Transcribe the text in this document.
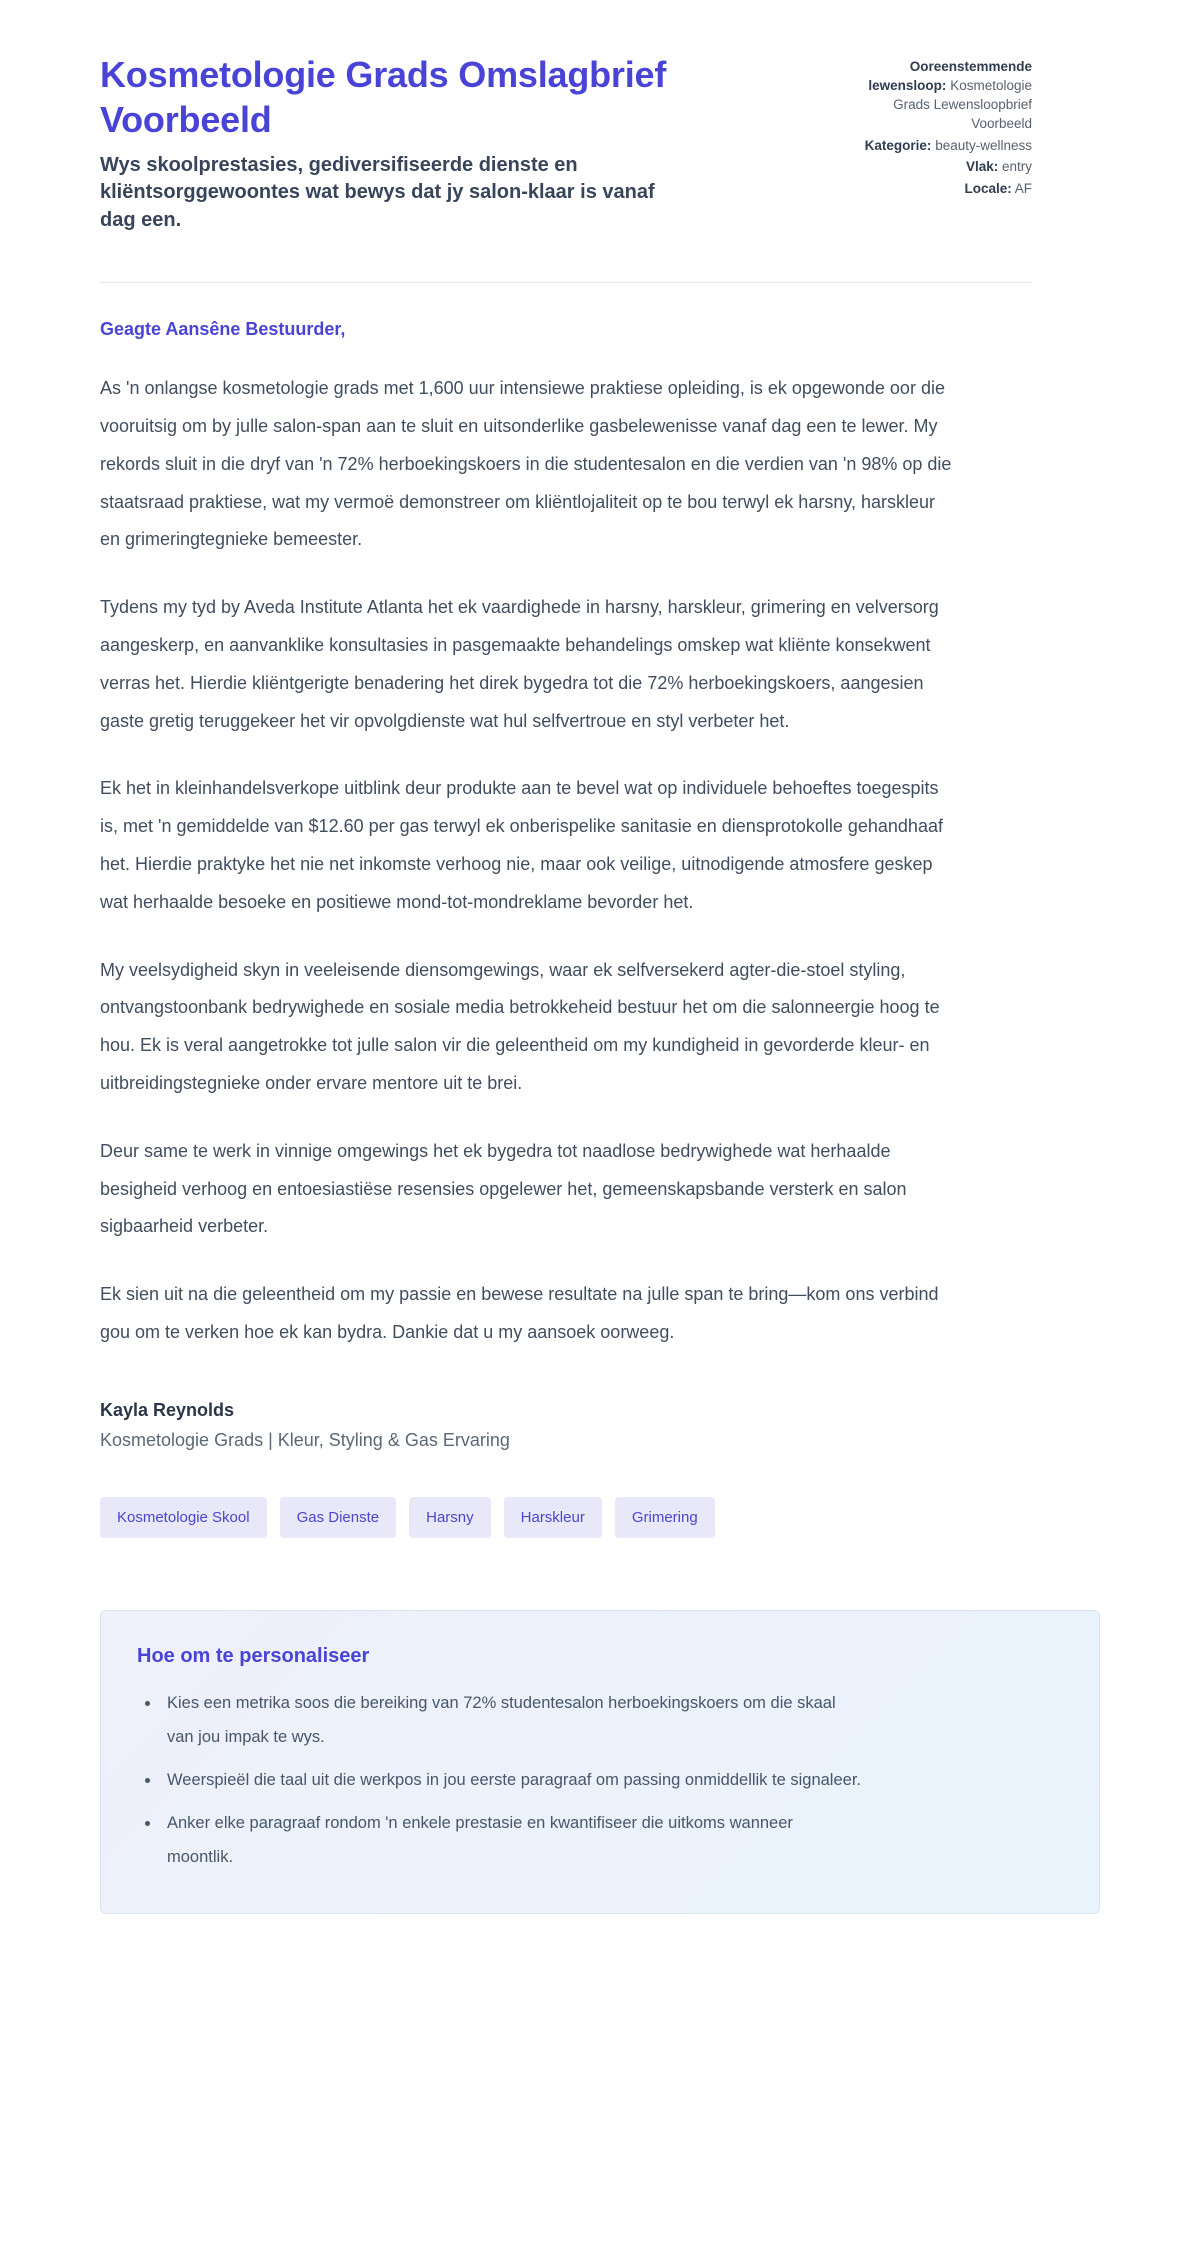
Kosmetologie Grads Omslagbrief Voorbeeld

Wys skoolprestasies, gediversifiseerde dienste en kliëntsorggewoontes wat bewys dat jy salon-klaar is vanaf dag een.

Ooreenstemmende lewensloop: Kosmetologie Grads Lewensloopbrief Voorbeeld
Kategorie: beauty-wellness
Vlak: entry
Locale: AF

Geagte Aansêne Bestuurder,

As 'n onlangse kosmetologie grads met 1,600 uur intensiewe praktiese opleiding, is ek opgewonde oor die vooruitsig om by julle salon-span aan te sluit en uitsonderlike gasbelewenisse vanaf dag een te lewer. My rekords sluit in die dryf van 'n 72% herboekingskoers in die studentesalon en die verdien van 'n 98% op die staatsraad praktiese, wat my vermoë demonstreer om kliëntlojaliteit op te bou terwyl ek harsny, harskleur en grimeringtegnieke bemeester.

Tydens my tyd by Aveda Institute Atlanta het ek vaardighede in harsny, harskleur, grimering en velversorg aangeskerp, en aanvanklike konsultasies in pasgemaakte behandelings omskep wat kliënte konsekwent verras het. Hierdie kliëntgerigte benadering het direk bygedra tot die 72% herboekingskoers, aangesien gaste gretig teruggekeer het vir opvolgdienste wat hul selfvertroue en styl verbeter het.

Ek het in kleinhandelsverkope uitblink deur produkte aan te bevel wat op individuele behoeftes toegespits is, met 'n gemiddelde van $12.60 per gas terwyl ek onberispelike sanitasie en diensprotokolle gehandhaaf het. Hierdie praktyke het nie net inkomste verhoog nie, maar ook veilige, uitnodigende atmosfere geskep wat herhaalde besoeke en positiewe mond-tot-mondreklame bevorder het.

My veelsydigheid skyn in veeleisende diensomgewings, waar ek selfversekerd agter-die-stoel styling, ontvangstoonbank bedrywighede en sosiale media betrokkeheid bestuur het om die salonneergie hoog te hou. Ek is veral aangetrokke tot julle salon vir die geleentheid om my kundigheid in gevorderde kleur- en uitbreidingstegnieke onder ervare mentore uit te brei.

Deur same te werk in vinnige omgewings het ek bygedra tot naadlose bedrywighede wat herhaalde besigheid verhoog en entoesiastiëse resensies opgelewer het, gemeenskapsbande versterk en salon sigbaarheid verbeter.

Ek sien uit na die geleentheid om my passie en bewese resultate na julle span te bring—kom ons verbind gou om te verken hoe ek kan bydra. Dankie dat u my aansoek oorweeg.

Kayla Reynolds

Kosmetologie Grads | Kleur, Styling & Gas Ervaring

Kosmetologie Skool	Gas Dienste	Harsny	Harskleur	Grimering
Hoe om te personaliseer
• Kies een metrika soos die bereiking van 72% studentesalon herboekingskoers om die skaal van jou impak te wys.
• Weerspieël die taal uit die werkpos in jou eerste paragraaf om passing onmiddellik te signaleer.
• Anker elke paragraaf rondom 'n enkele prestasie en kwantifiseer die uitkoms wanneer moontlik.
